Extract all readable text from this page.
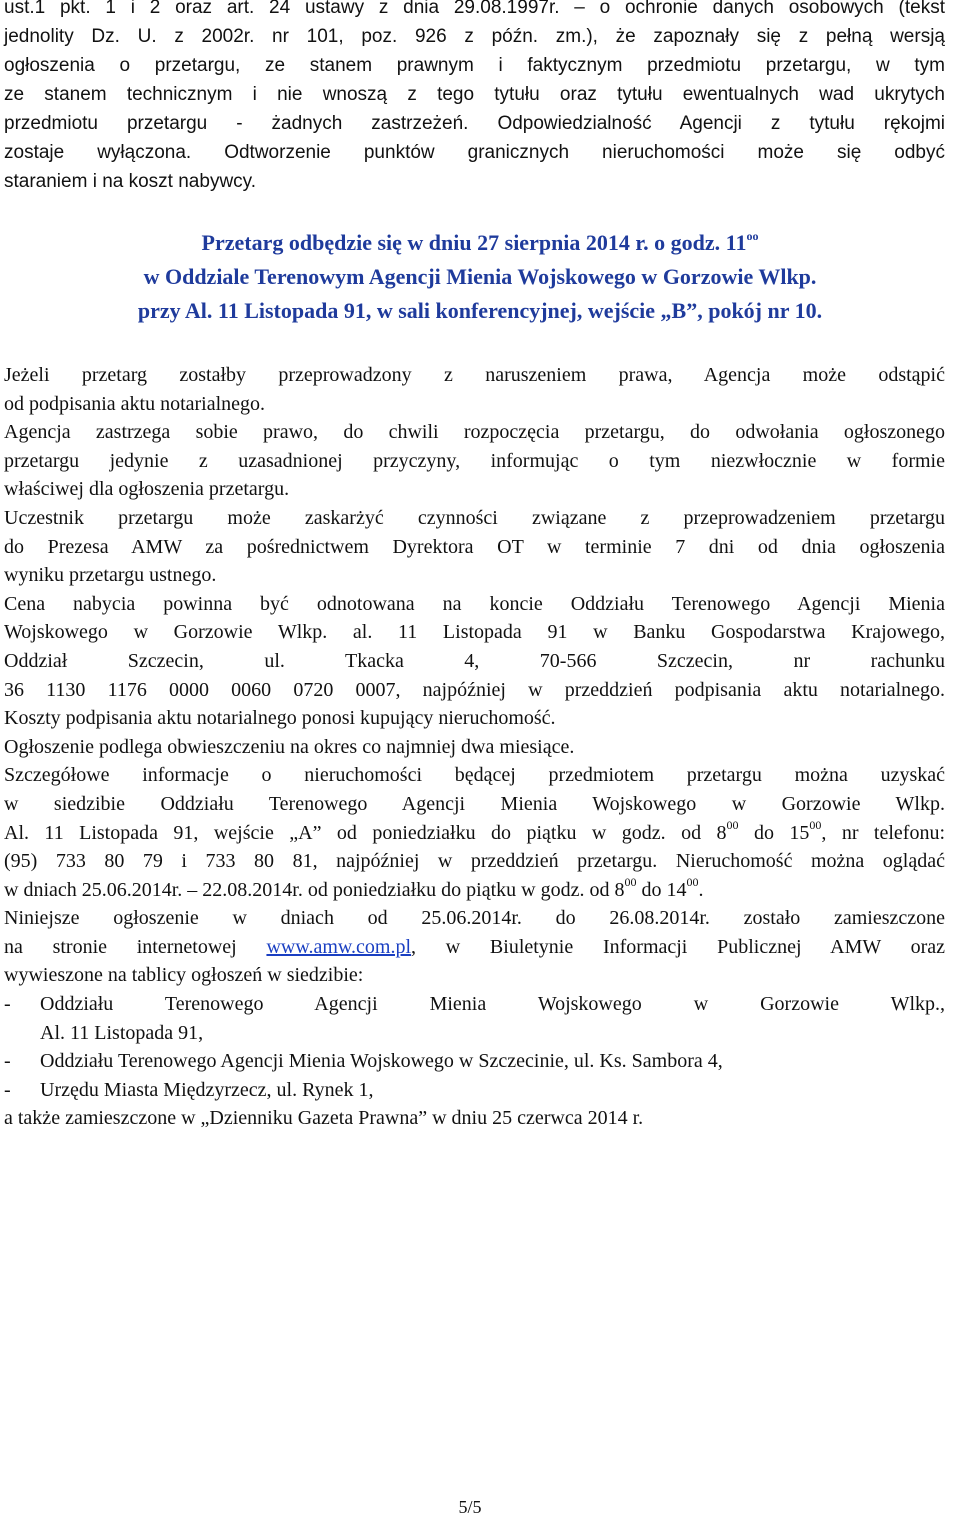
ust.1 pkt. 1 i 2 oraz art. 24 ustawy z dnia 29.08.1997r. – o ochronie danych osobowych (tekst
jednolity Dz. U. z 2002r. nr 101, poz. 926 z późn. zm.), że zapoznały się z pełną wersją
ogłoszenia o przetargu, ze stanem prawnym i faktycznym przedmiotu przetargu, w tym
ze stanem technicznym i nie wnoszą z tego tytułu oraz tytułu ewentualnych wad ukrytych
przedmiotu przetargu - żadnych zastrzeżeń. Odpowiedzialność Agencji z tytułu rękojmi
zostaje wyłączona. Odtworzenie punktów granicznych nieruchomości może się odbyć
staraniem i na koszt nabywcy.
Przetarg odbędzie się w dniu 27 sierpnia 2014 r. o godz. $11^{oo}$
w Oddziale Terenowym Agencji Mienia Wojskowego w Gorzowie Wlkp.
przy Al. 11 Listopada 91, w sali konferencyjnej, wejście „B”, pokój nr 10.
Jeżeli przetarg zostałby przeprowadzony z naruszeniem prawa, Agencja może odstąpić
od podpisania aktu notarialnego.
Agencja zastrzega sobie prawo, do chwili rozpoczęcia przetargu, do odwołania ogłoszonego
przetargu jedynie z uzasadnionej przyczyny, informując o tym niezwłocznie w formie
właściwej dla ogłoszenia przetargu.
Uczestnik przetargu może zaskarżyć czynności związane z przeprowadzeniem przetargu
do Prezesa AMW za pośrednictwem Dyrektora OT w terminie 7 dni od dnia ogłoszenia
wyniku przetargu ustnego.
Cena nabycia powinna być odnotowana na koncie Oddziału Terenowego Agencji Mienia
Wojskowego w Gorzowie Wlkp. al. 11 Listopada 91 w Banku Gospodarstwa Krajowego,
Oddział Szczecin, ul. Tkacka 4, 70-566 Szczecin, nr rachunku
36 1130 1176 0000 0060 0720 0007, najpóźniej w przeddzień podpisania aktu notarialnego.
Koszty podpisania aktu notarialnego ponosi kupujący nieruchomość.
Ogłoszenie podlega obwieszczeniu na okres co najmniej dwa miesiące.
Szczegółowe informacje o nieruchomości będącej przedmiotem przetargu można uzyskać
w siedzibie Oddziału Terenowego Agencji Mienia Wojskowego w Gorzowie Wlkp.
Al. 11 Listopada 91, wejście „A” od poniedziałku do piątku w godz. od $8^{00}$ do $15^{00}$, nr telefonu:
(95) 733 80 79 i 733 80 81, najpóźniej w przeddzień przetargu. Nieruchomość można oglądać
w dniach 25.06.2014r. – 22.08.2014r. od poniedziałku do piątku w godz. od $8^{00}$ do $14^{00}$.
Niniejsze ogłoszenie w dniach od 25.06.2014r. do 26.08.2014r. zostało zamieszczone
na stronie internetowej www.amw.com.pl, w Biuletynie Informacji Publicznej AMW oraz
wywieszone na tablicy ogłoszeń w siedzibie:
- Oddziału Terenowego Agencji Mienia Wojskowego w Gorzowie Wlkp.,
Al. 11 Listopada 91,
- Oddziału Terenowego Agencji Mienia Wojskowego w Szczecinie, ul. Ks. Sambora 4,
- Urzędu Miasta Międzyrzecz, ul. Rynek 1,
a także zamieszczone w „Dzienniku Gazeta Prawna” w dniu 25 czerwca 2014 r.
5/5
